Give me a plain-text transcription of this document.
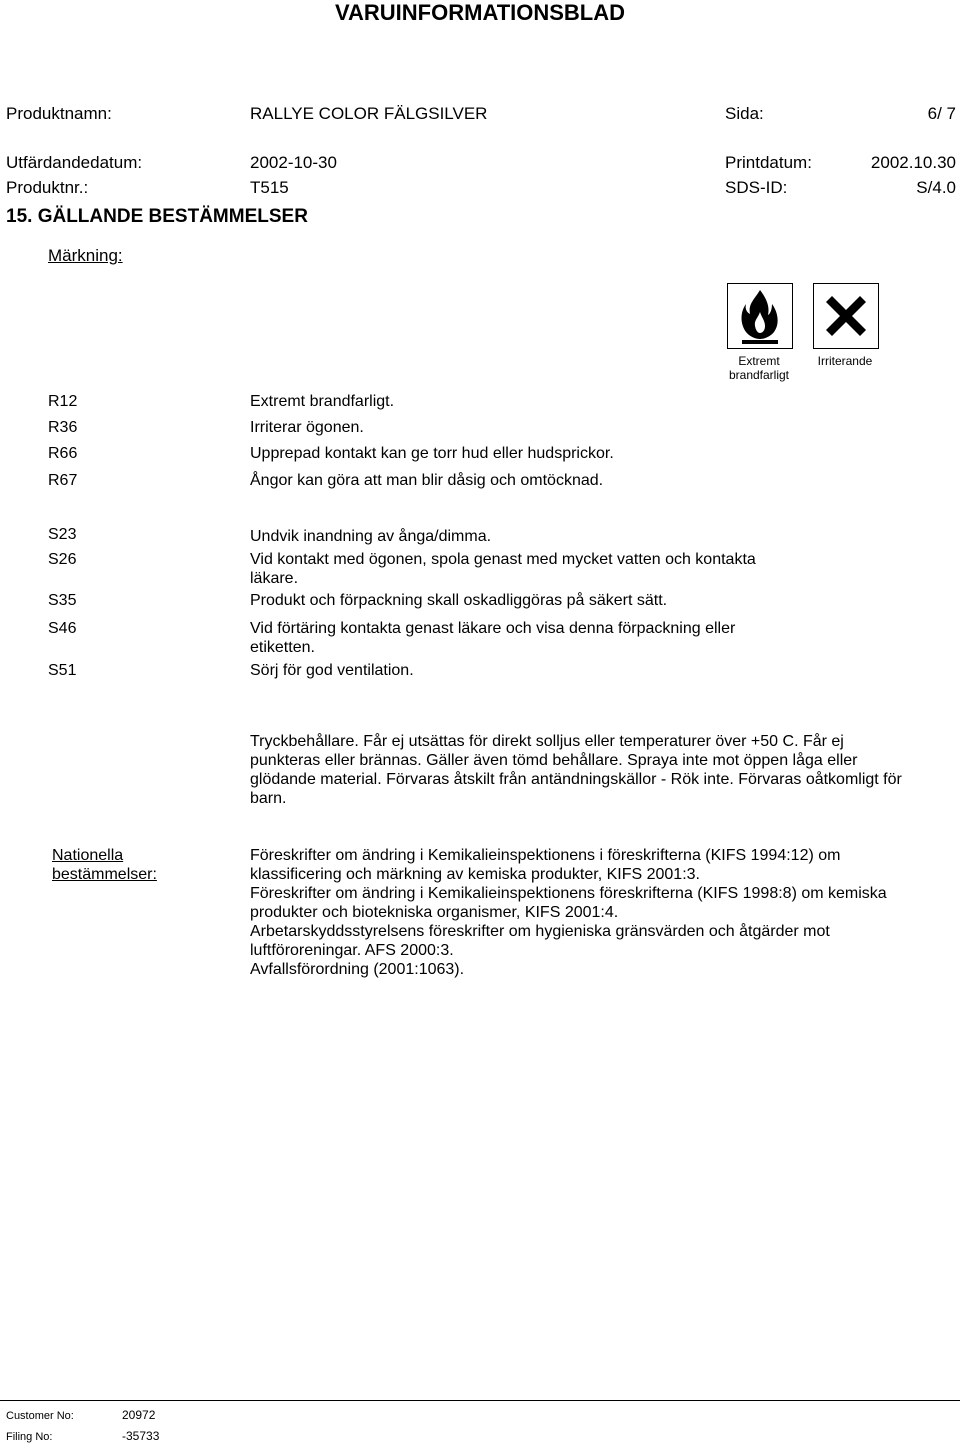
VARUINFORMATIONSBLAD
Produktnamn:	RALLYE COLOR FÄLGSILVER	Sida:	6/ 7
Utfärdandedatum:	2002-10-30	Printdatum:	2002.10.30
Produktnr.:	T515	SDS-ID:	S/4.0
15. GÄLLANDE BESTÄMMELSER
Märkning:
Extremt
brandfarligt
Irriterande
R12	Extremt brandfarligt.
R36	Irriterar ögonen.
R66	Upprepad kontakt kan ge torr hud eller hudsprickor.
R67	Ångor kan göra att man blir dåsig och omtöcknad.
S23	Undvik inandning av ånga/dimma.
S26	Vid kontakt med ögonen, spola genast med mycket vatten och kontakta
läkare.
S35	Produkt och förpackning skall oskadliggöras på säkert sätt.
S46	Vid förtäring kontakta genast läkare och visa denna förpackning eller
etiketten.
S51	Sörj för god ventilation.
Tryckbehållare. Får ej utsättas för direkt solljus eller temperaturer över +50 C. Får ej
punkteras eller brännas. Gäller även tömd behållare. Spraya inte mot öppen låga eller
glödande material. Förvaras åtskilt från antändningskällor - Rök inte. Förvaras oåtkomligt för
barn.
Nationella
bestämmelser:
Föreskrifter om ändring i Kemikalieinspektionens i föreskrifterna (KIFS 1994:12) om
klassificering och märkning av kemiska produkter, KIFS 2001:3.
Föreskrifter om ändring i Kemikalieinspektionens föreskrifterna (KIFS 1998:8) om kemiska
produkter och biotekniska organismer, KIFS 2001:4.
Arbetarskyddsstyrelsens föreskrifter om hygieniska gränsvärden och åtgärder mot
luftföroreningar. AFS 2000:3.
Avfallsförordning (2001:1063).
Customer No:	20972
Filing No:	-35733
